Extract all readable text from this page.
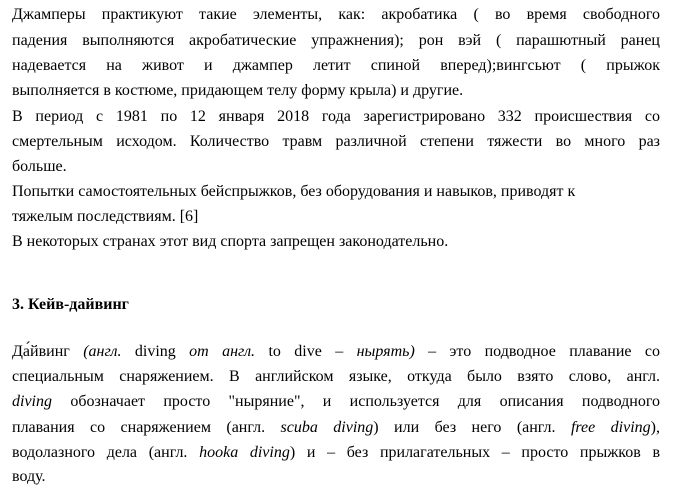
Джамперы практикуют такие элементы, как: акробатика ( во время свободного
падения выполняются акробатические упражнения); рон вэй ( парашютный ранец
надевается на живот и джампер летит спиной вперед);вингсьют ( прыжок
выполняется в костюме, придающем телу форму крыла) и другие.
В период с 1981 по 12 января 2018 года зарегистрировано 332 происшествия со
смертельным исходом. Количество травм различной степени тяжести во много раз
больше.
Попытки самостоятельных бейспрыжков, без оборудования и навыков, приводят к
тяжелым последствиям. [6]
В некоторых странах этот вид спорта запрещен законодательно.
3. Кейв-дайвинг
Да́йвинг (англ. diving от англ. to dive – нырять) – это подводное плавание со
специальным снаряжением. В английском языке, откуда было взято слово, англ.
diving обозначает просто "ныряние", и используется для описания подводного
плавания со снаряжением (англ. scuba diving) или без него (англ. free diving),
водолазного дела (англ. hooka diving) и – без прилагательных – просто прыжков в
воду.
